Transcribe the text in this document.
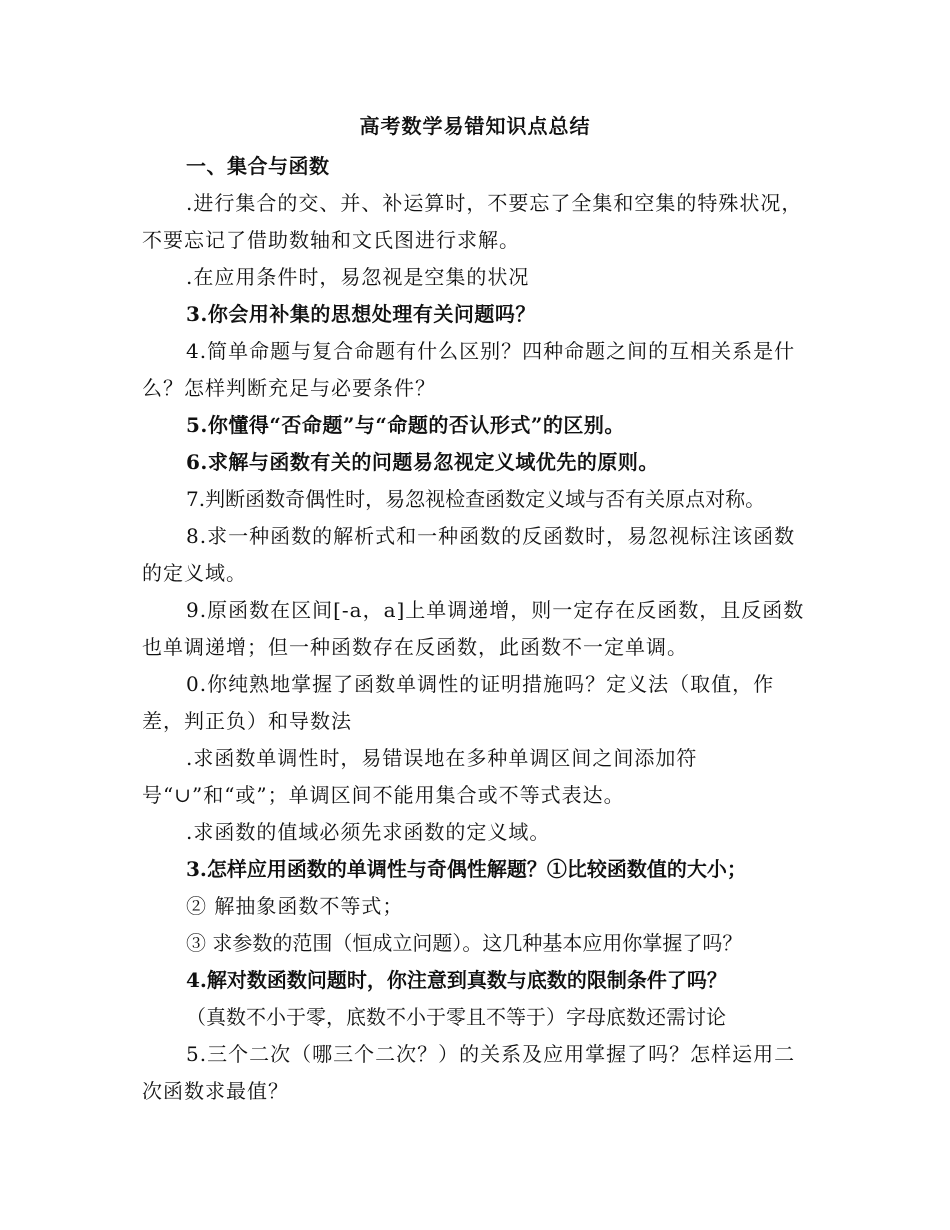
高考数学易错知识点总结

一、集合与函数

.进行集合的交、并、补运算时，不要忘了全集和空集的特殊状况，不要忘记了借助数轴和文氏图进行求解。

.在应用条件时，易忽视是空集的状况

3.你会用补集的思想处理有关问题吗？

4.简单命题与复合命题有什么区别？四种命题之间的互相关系是什么？怎样判断充足与必要条件？

5.你懂得“否命题”与“命题的否认形式”的区别。

6.求解与函数有关的问题易忽视定义域优先的原则。

7.判断函数奇偶性时，易忽视检查函数定义域与否有关原点对称。

8.求一种函数的解析式和一种函数的反函数时，易忽视标注该函数的定义域。

9.原函数在区间[-a，a]上单调递增，则一定存在反函数，且反函数也单调递增；但一种函数存在反函数，此函数不一定单调。

0.你纯熟地掌握了函数单调性的证明措施吗？定义法（取值，作差，判正负）和导数法

.求函数单调性时，易错误地在多种单调区间之间添加符号“∪”和“或”；单调区间不能用集合或不等式表达。

.求函数的值域必须先求函数的定义域。

3.怎样应用函数的单调性与奇偶性解题？①比较函数值的大小；

② 解抽象函数不等式；

③ 求参数的范围（恒成立问题）。这几种基本应用你掌握了吗？

4.解对数函数问题时，你注意到真数与底数的限制条件了吗？

（真数不小于零，底数不小于零且不等于）字母底数还需讨论

5.三个二次（哪三个二次？）的关系及应用掌握了吗？怎样运用二次函数求最值？
